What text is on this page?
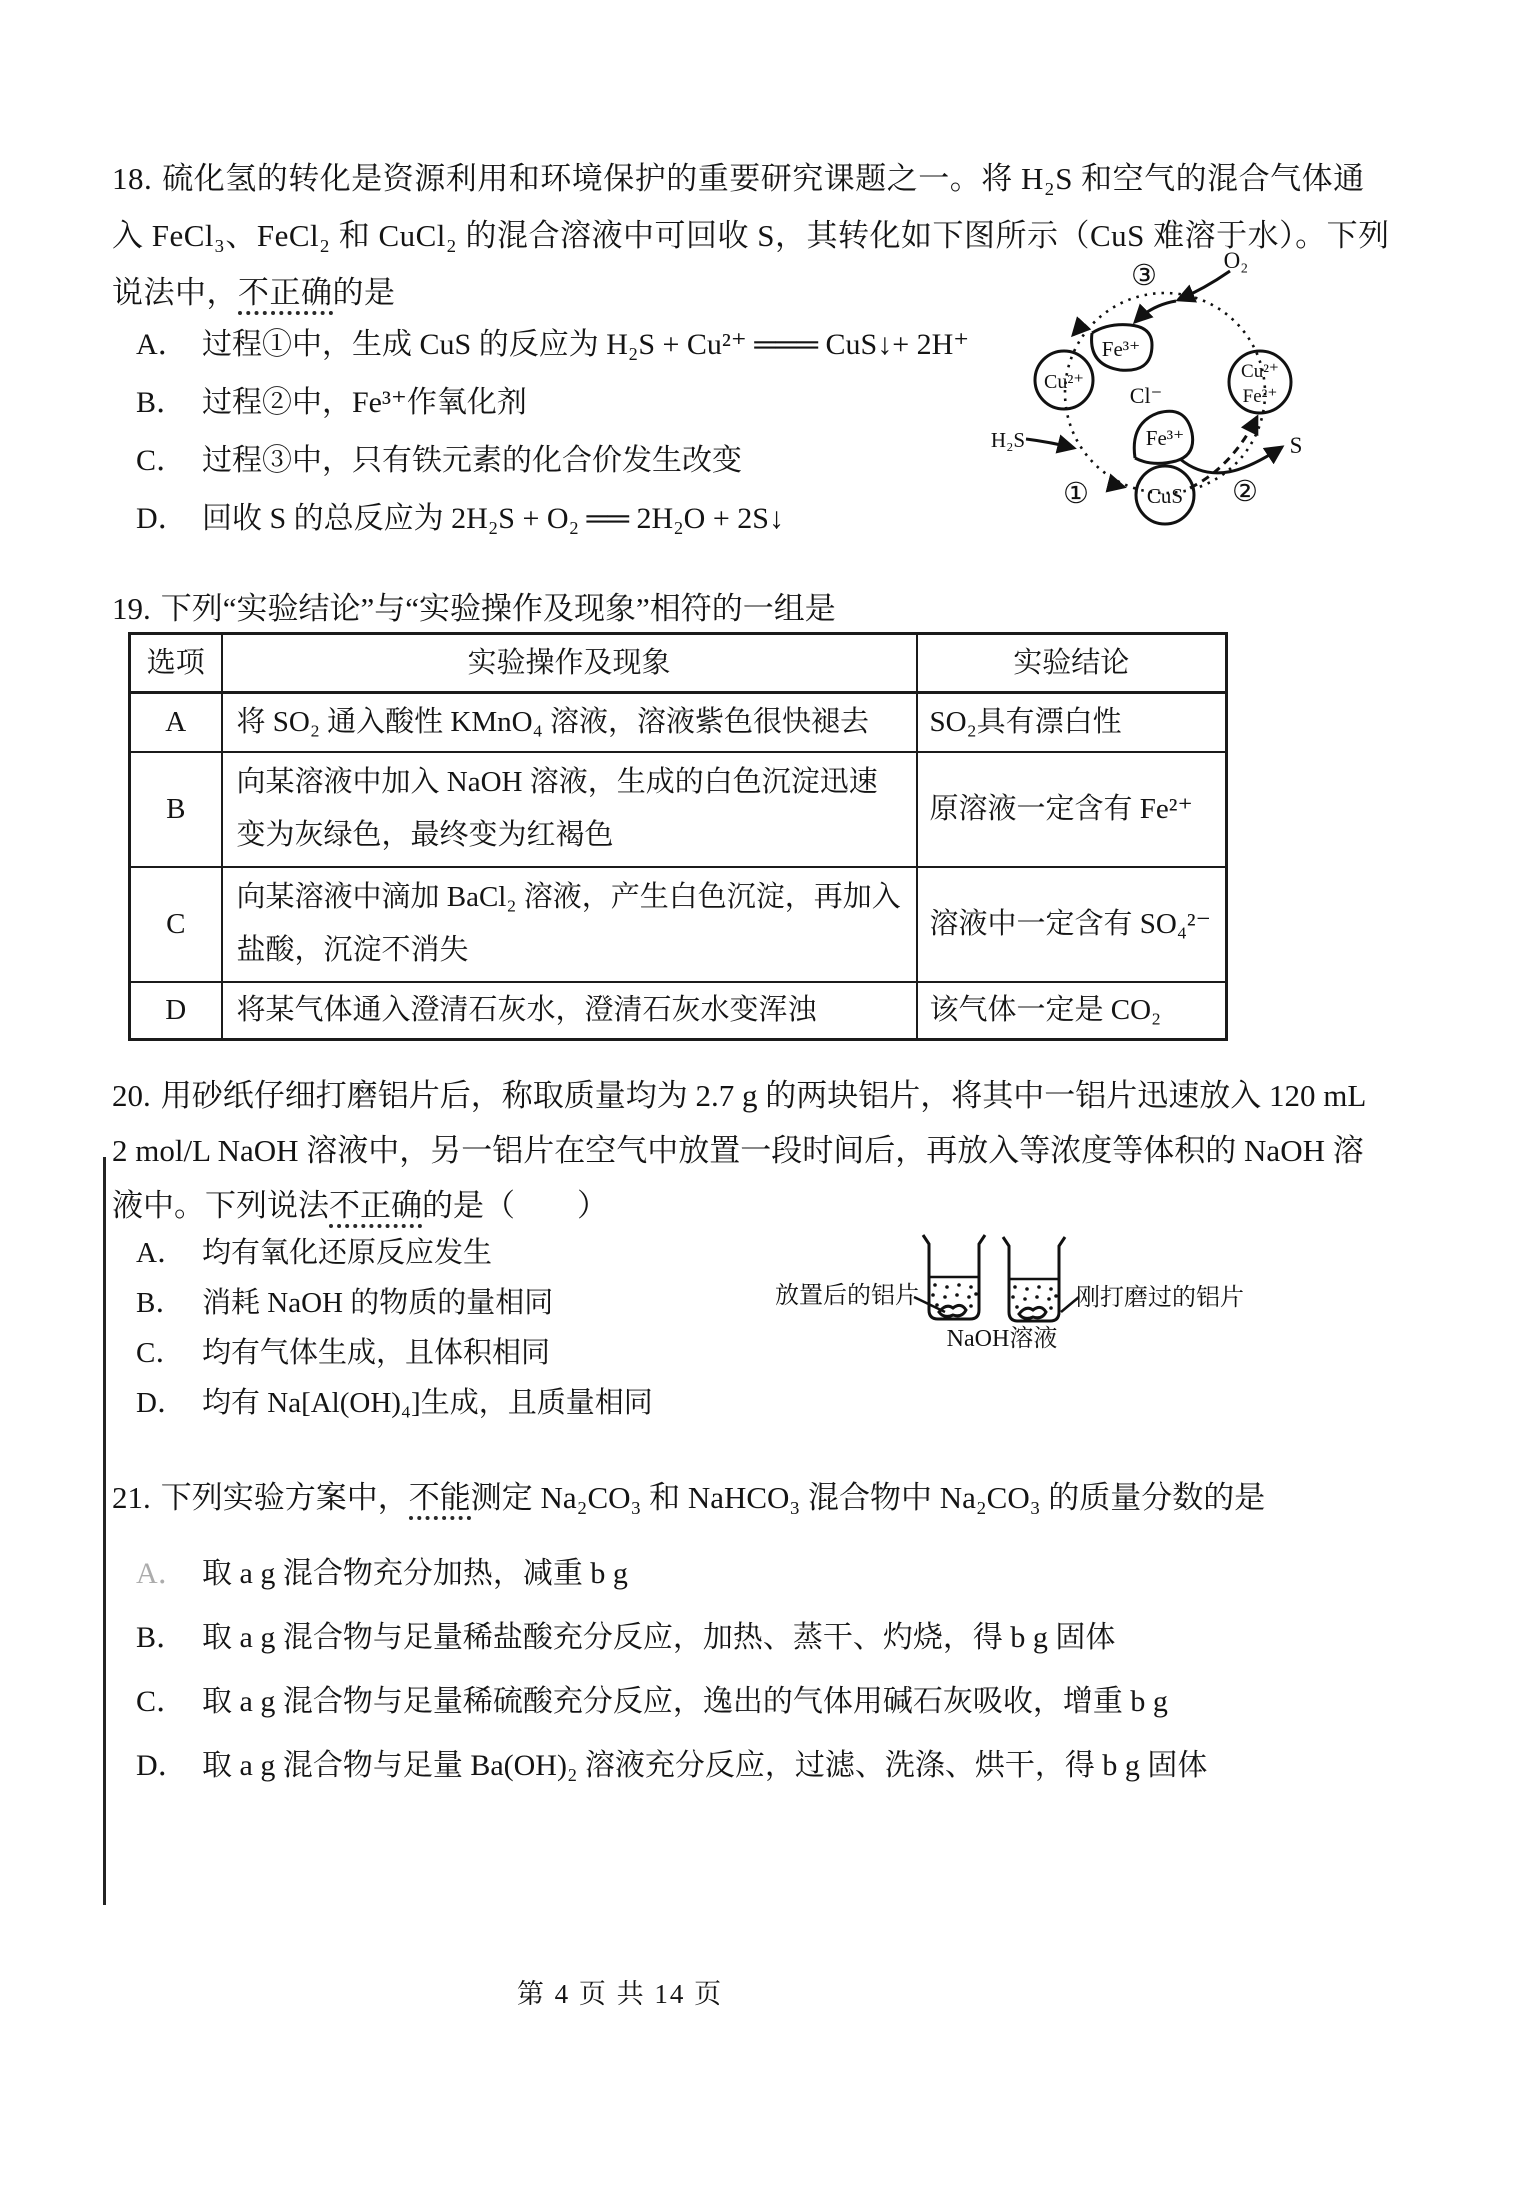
18. 硫化氢的转化是资源利用和环境保护的重要研究课题之一。将 H₂S 和空气的混合气体通
入 FeCl₃、FeCl₂ 和 CuCl₂ 的混合溶液中可回收 S，其转化如下图所示（CuS 难溶于水）。下列
说法中，不正确的是
A． 过程①中，生成 CuS 的反应为 H₂S + Cu²⁺ ═══ CuS↓+ 2H⁺
B． 过程②中，Fe³⁺作氧化剂
C． 过程③中，只有铁元素的化合价发生改变
D． 回收 S 的总反应为 2H₂S + O₂ ══ 2H₂O + 2S↓
O₂
③
①	②
Fe³⁺
Cu²⁺	Cu²⁺
Fe²⁺
Cl⁻
Fe³⁺
CuS
H₂S	S
19. 下列“实验结论”与“实验操作及现象”相符的一组是
选项	实验操作及现象	实验结论
A	将 SO₂ 通入酸性 KMnO₄ 溶液，溶液紫色很快褪去	SO₂具有漂白性
B	向某溶液中加入 NaOH 溶液，生成的白色沉淀迅速变为灰绿色，最终变为红褐色	原溶液一定含有 Fe²⁺
C	向某溶液中滴加 BaCl₂ 溶液，产生白色沉淀，再加入盐酸，沉淀不消失	溶液中一定含有 SO₄²⁻
D	将某气体通入澄清石灰水，澄清石灰水变浑浊	该气体一定是 CO₂
20. 用砂纸仔细打磨铝片后，称取质量均为 2.7 g 的两块铝片，将其中一铝片迅速放入 120 mL
2 mol/L NaOH 溶液中，另一铝片在空气中放置一段时间后，再放入等浓度等体积的 NaOH 溶
液中。下列说法不正确的是（　　）
A． 均有氧化还原反应发生
B． 消耗 NaOH 的物质的量相同
C． 均有气体生成，且体积相同
D． 均有 Na[Al(OH)₄]生成，且质量相同
放置后的铝片	刚打磨过的铝片
NaOH溶液
21. 下列实验方案中，不能测定 Na₂CO₃ 和 NaHCO₃ 混合物中 Na₂CO₃ 的质量分数的是
A． 取 a g 混合物充分加热，减重 b g
B． 取 a g 混合物与足量稀盐酸充分反应，加热、蒸干、灼烧，得 b g 固体
C． 取 a g 混合物与足量稀硫酸充分反应，逸出的气体用碱石灰吸收，增重 b g
D． 取 a g 混合物与足量 Ba(OH)₂ 溶液充分反应，过滤、洗涤、烘干，得 b g 固体
第 4 页 共 14 页
